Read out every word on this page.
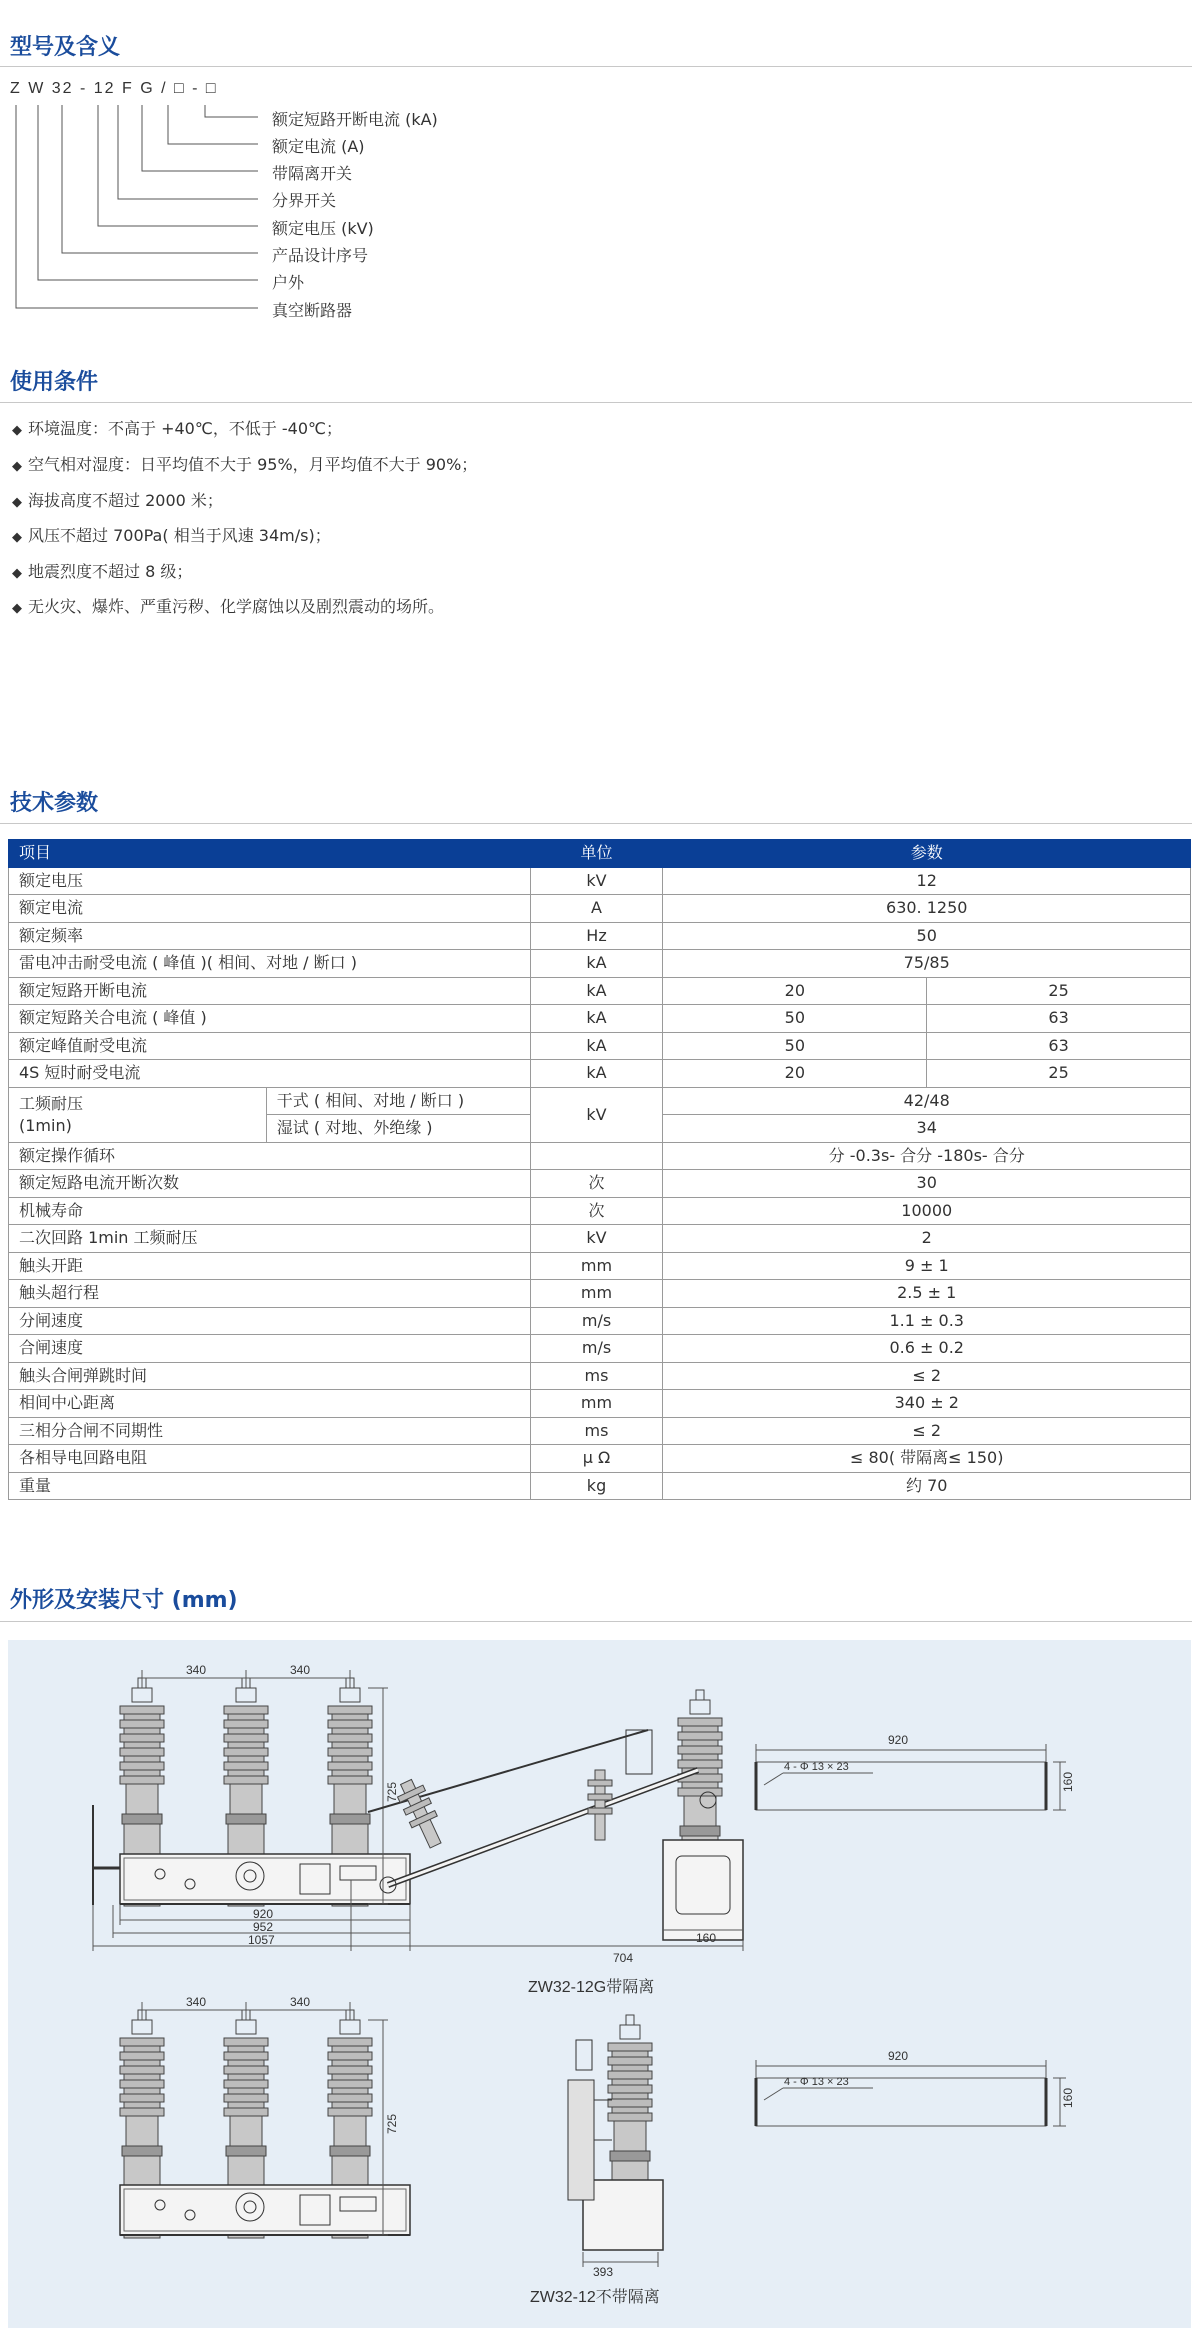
型号及含义
Z W 32 - 12 F G / □ - □
额定短路开断电流 (kA)
额定电流 (A)
带隔离开关
分界开关
额定电压 (kV)
产品设计序号
户外
真空断路器
使用条件
◆ 环境温度：不高于 +40℃，不低于 -40℃；
◆ 空气相对湿度：日平均值不大于 95%，月平均值不大于 90%；
◆ 海拔高度不超过 2000 米；
◆ 风压不超过 700Pa( 相当于风速 34m/s)；
◆ 地震烈度不超过 8 级；
◆ 无火灾、爆炸、严重污秽、化学腐蚀以及剧烈震动的场所。
技术参数
项目		单位	参数	
额定电压		kV	12	
额定电流		A	630. 1250	
额定频率		Hz	50	
雷电冲击耐受电流 ( 峰值 )( 相间、对地 / 断口 )		kA	75/85	
额定短路开断电流		kA	20	25
额定短路关合电流 ( 峰值 )		kA	50	63
额定峰值耐受电流		kA	50	63
4S 短时耐受电流		kA	20	25
工频耐压
(1min)	干式 ( 相间、对地 / 断口 )	kV	42/48	
	湿试 ( 对地、外绝缘 )		34	
额定操作循环			分 -0.3s- 合分 -180s- 合分	
额定短路电流开断次数		次	30	
机械寿命		次	10000	
二次回路 1min 工频耐压		kV	2	
触头开距		mm	9 ± 1	
触头超行程		mm	2.5 ± 1	
分闸速度		m/s	1.1 ± 0.3	
合闸速度		m/s	0.6 ± 0.2	
触头合闸弹跳时间		ms	≤ 2	
相间中心距离		mm	340 ± 2	
三相分合闸不同期性		ms	≤ 2	
各相导电回路电阻		μ Ω	≤ 80( 带隔离≤ 150)	
重量		kg	约 70	
外形及安装尺寸 (mm)
340	340
725
920
952
1057
704
160
920
160
4 - Φ 13 × 23
ZW32-12G带隔离
340	340
725
393
920
160
4 - Φ 13 × 23
ZW32-12不带隔离
